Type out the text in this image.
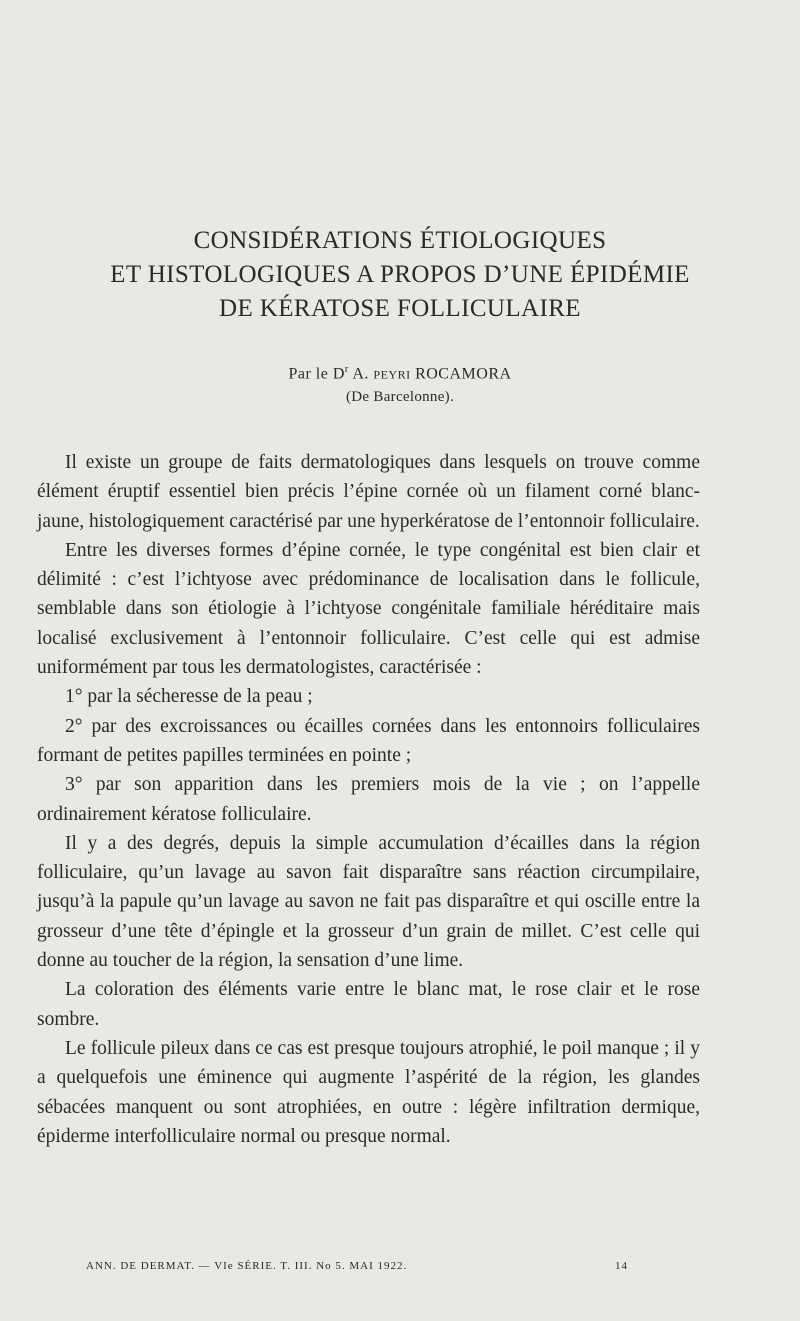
CONSIDÉRATIONS ÉTIOLOGIQUES
ET HISTOLOGIQUES A PROPOS D’UNE ÉPIDÉMIE
DE KÉRATOSE FOLLICULAIRE
Par le $D^r$ A. PEYRI ROCAMORA
(De Barcelonne).

Il existe un groupe de faits dermatologiques dans lesquels on trouve comme élément éruptif essentiel bien précis l’épine cornée où un filament corné blanc-jaune, histologiquement caractérisé par une hyperkératose de l’entonnoir folliculaire.

Entre les diverses formes d’épine cornée, le type congénital est bien clair et délimité : c’est l’ichtyose avec prédominance de localisation dans le follicule, semblable dans son étiologie à l’ichtyose congénitale familiale héréditaire mais localisé exclusivement à l’entonnoir folliculaire. C’est celle qui est admise uniformément par tous les dermatologistes, caractérisée :

1° par la sécheresse de la peau ;

2° par des excroissances ou écailles cornées dans les entonnoirs folliculaires formant de petites papilles terminées en pointe ;

3° par son apparition dans les premiers mois de la vie ; on l’appelle ordinairement kératose folliculaire.

Il y a des degrés, depuis la simple accumulation d’écailles dans la région folliculaire, qu’un lavage au savon fait disparaître sans réaction circumpilaire, jusqu’à la papule qu’un lavage au savon ne fait pas disparaître et qui oscille entre la grosseur d’une tête d’épingle et la grosseur d’un grain de millet. C’est celle qui donne au toucher de la région, la sensation d’une lime.

La coloration des éléments varie entre le blanc mat, le rose clair et le rose sombre.

Le follicule pileux dans ce cas est presque toujours atrophié, le poil manque ; il y a quelquefois une éminence qui augmente l’aspérité de la région, les glandes sébacées manquent ou sont atrophiées, en outre : légère infiltration dermique, épiderme interfolliculaire normal ou presque normal.

ANN. DE DERMAT. — VIe SÉRIE. T. III. No 5. MAI 1922.	14
